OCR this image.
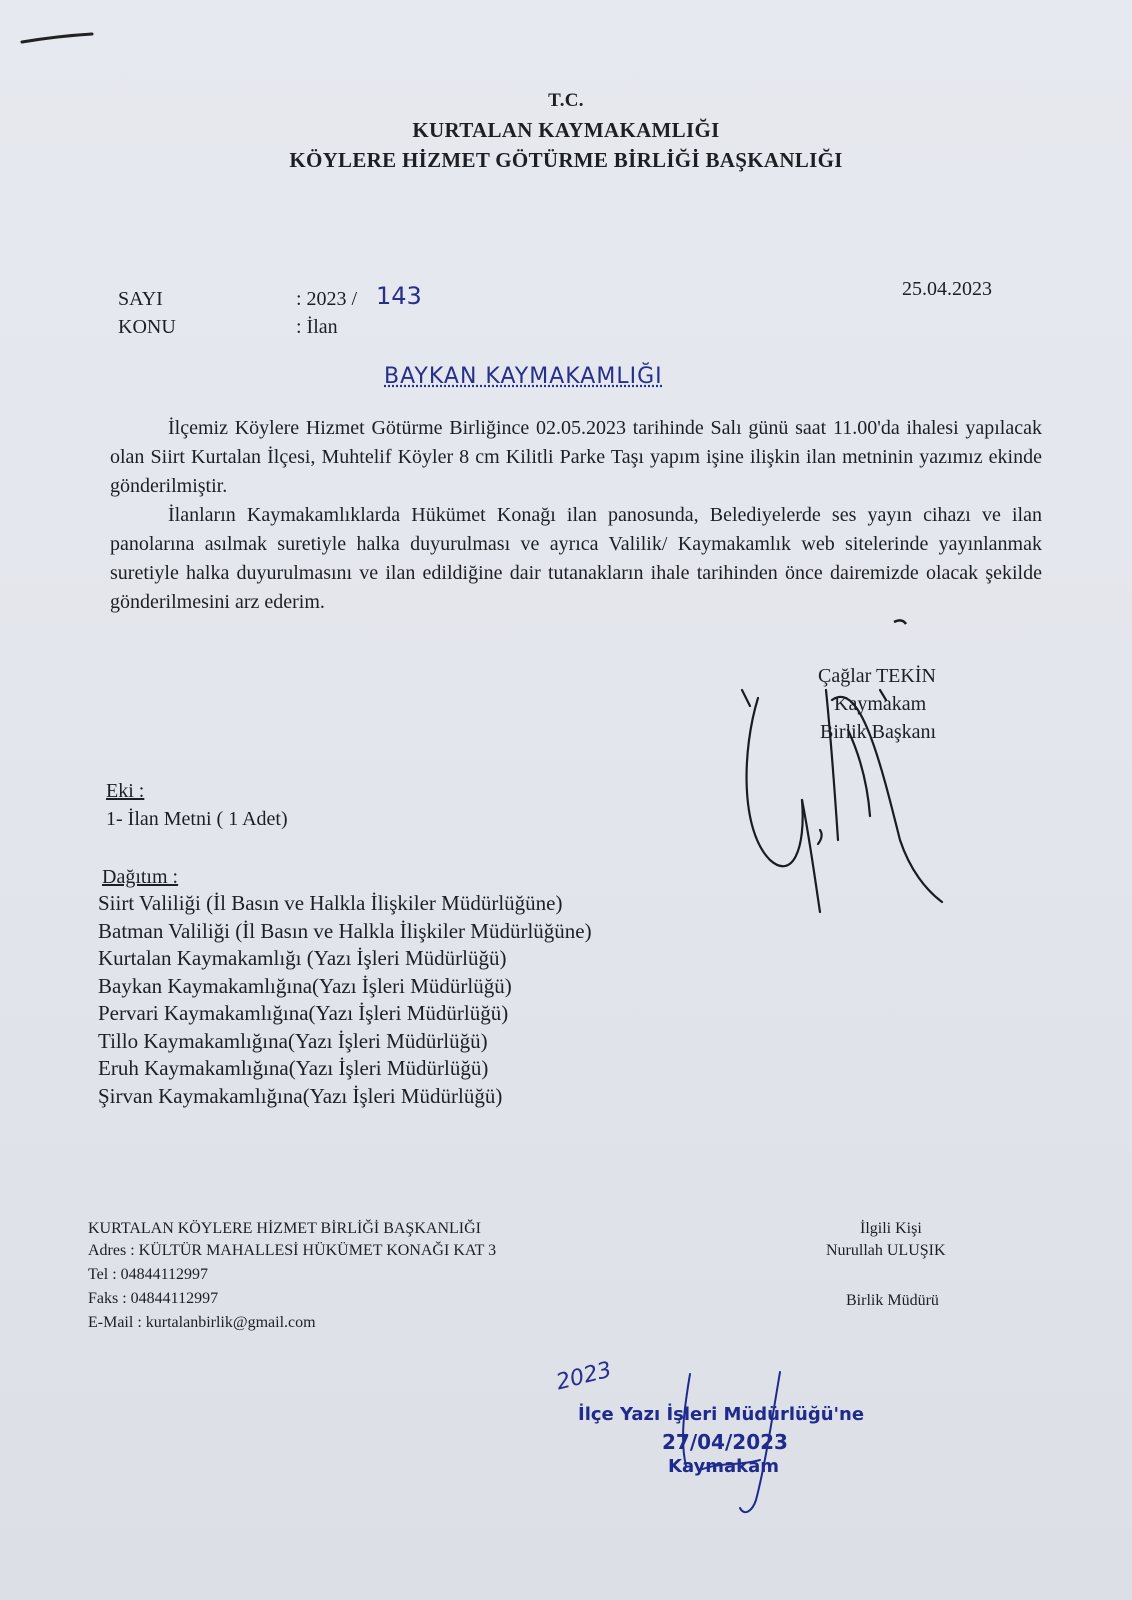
T.C.
KURTALAN KAYMAKAMLIĞI
KÖYLERE HİZMET GÖTÜRME BİRLİĞİ BAŞKANLIĞI
SAYI	: 2023 / 143
KONU	: İlan
25.04.2023
BAYKAN KAYMAKAMLIĞI

İlçemiz Köylere Hizmet Götürme Birliğince 02.05.2023 tarihinde Salı günü saat 11.00'da ihalesi yapılacak olan Siirt Kurtalan İlçesi, Muhtelif Köyler 8 cm Kilitli Parke Taşı yapım işine ilişkin ilan metninin yazımız ekinde gönderilmiştir.

İlanların Kaymakamlıklarda Hükümet Konağı ilan panosunda, Belediyelerde ses yayın cihazı ve ilan panolarına asılmak suretiyle halka duyurulması ve ayrıca Valilik/ Kaymakamlık web sitelerinde yayınlanmak suretiyle halka duyurulmasını ve ilan edildiğine dair tutanakların ihale tarihinden önce dairemizde olacak şekilde gönderilmesini arz ederim.

Çağlar TEKİN
Kaymakam
Birlik Başkanı
Eki :
1- İlan Metni ( 1 Adet)
Dağıtım :
Siirt Valiliği (İl Basın ve Halkla İlişkiler Müdürlüğüne)
Batman Valiliği (İl Basın ve Halkla İlişkiler Müdürlüğüne)
Kurtalan Kaymakamlığı (Yazı İşleri Müdürlüğü)
Baykan Kaymakamlığına(Yazı İşleri Müdürlüğü)
Pervari Kaymakamlığına(Yazı İşleri Müdürlüğü)
Tillo Kaymakamlığına(Yazı İşleri Müdürlüğü)
Eruh Kaymakamlığına(Yazı İşleri Müdürlüğü)
Şirvan Kaymakamlığına(Yazı İşleri Müdürlüğü)
KURTALAN KÖYLERE HİZMET BİRLİĞİ BAŞKANLIĞI
Adres : KÜLTÜR MAHALLESİ HÜKÜMET KONAĞI KAT 3
Tel : 04844112997
Faks : 04844112997
E-Mail : kurtalanbirlik@gmail.com
İlgili Kişi
Nurullah ULUŞIK
Birlik Müdürü
2023
İlçe Yazı İşleri Müdürlüğü'ne
27/04/2023
Kaymakam
